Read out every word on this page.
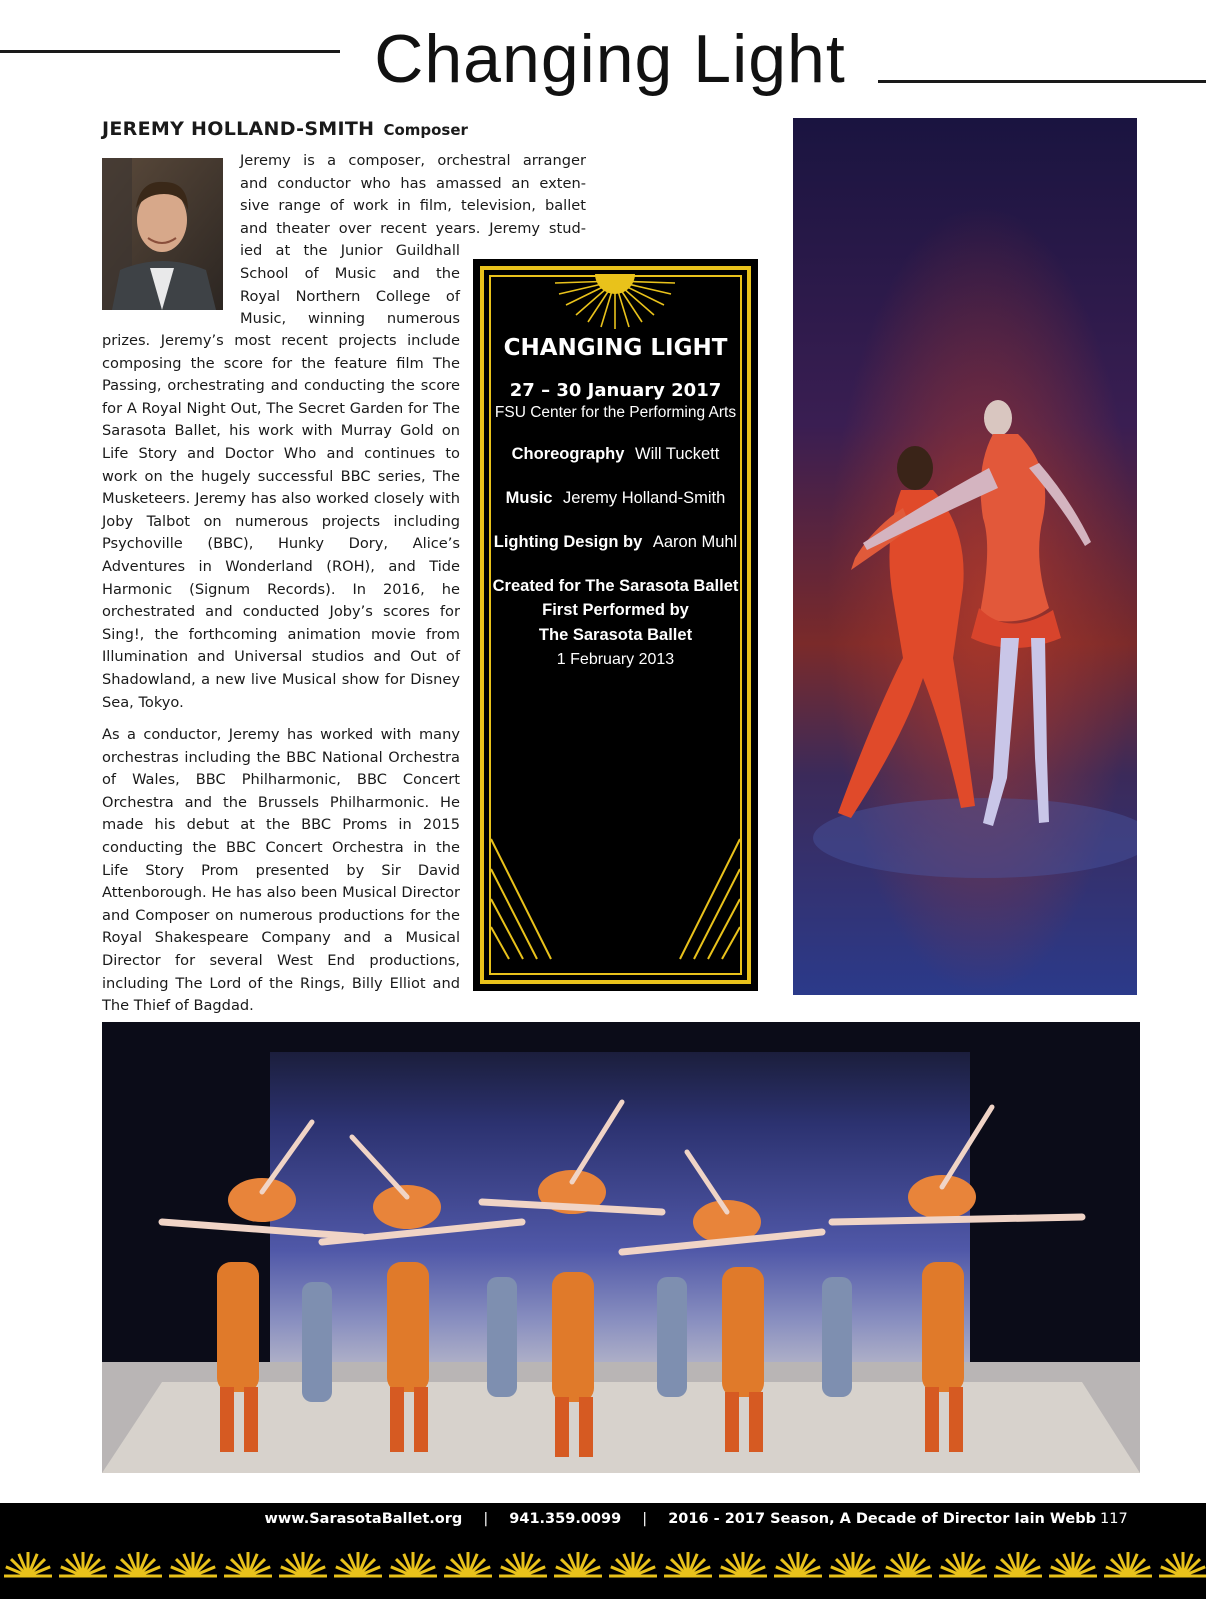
Changing Light
JEREMY HOLLAND-SMITH Composer
Jeremy is a composer, orchestral arranger
and conductor who has amassed an exten-
sive range of work in film, television, ballet
and theater over recent years. Jeremy stud-
ied at the Junior Guildhall
School of Music and the
Royal Northern College of
Music, winning numerous

prizes. Jeremy’s most recent projects include composing the score for the feature film The Passing, orchestrating and conducting the score for A Royal Night Out, The Secret Garden for The Sarasota Ballet, his work with Murray Gold on Life Story and Doctor Who and continues to work on the hugely successful BBC series, The Musketeers. Jeremy has also worked closely with Joby Talbot on numerous projects including Psychoville (BBC), Hunky Dory, Alice’s Adventures in Wonderland (ROH), and Tide Harmonic (Signum Records). In 2016, he orchestrated and conducted Joby’s scores for Sing!, the forthcoming animation movie from Illumination and Universal studios and Out of Shadowland, a new live Musical show for Disney Sea, Tokyo.

As a conductor, Jeremy has worked with many orchestras including the BBC National Orchestra of Wales, BBC Philharmonic, BBC Concert Orchestra and the Brussels Philharmonic. He made his debut at the BBC Proms in 2015 conducting the BBC Concert Orchestra in the Life Story Prom presented by Sir David Attenborough. He has also been Musical Director and Composer on numerous productions for the Royal Shakespeare Company and a Musical Director for several West End productions, including The Lord of the Rings, Billy Elliot and The Thief of Bagdad.

CHANGING LIGHT
27 – 30 January 2017
FSU Center for the Performing Arts
Choreography Will Tuckett
Music Jeremy Holland-Smith
Lighting Design by Aaron Muhl
Created for The Sarasota Ballet
First Performed by
The Sarasota Ballet
1 February 2013
www.SarasotaBallet.org | 941.359.0099 | 2016 - 2017 Season, A Decade of Director Iain Webb 117
